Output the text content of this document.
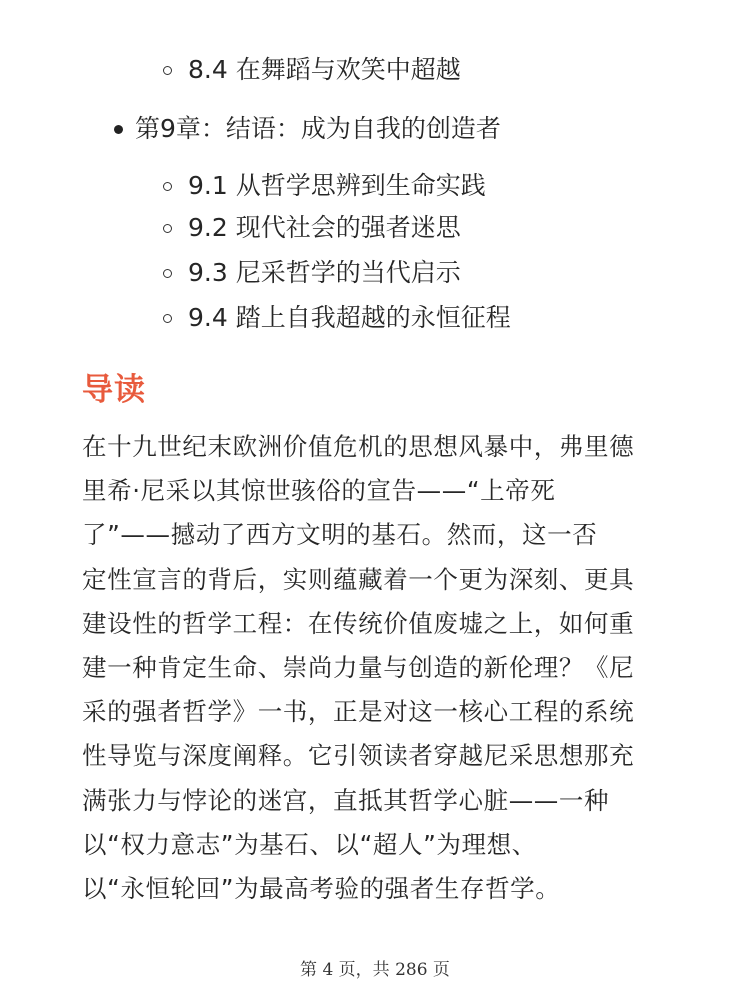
8.4 在舞蹈与欢笑中超越
第9章：结语：成为自我的创造者
9.1 从哲学思辨到生命实践
9.2 现代社会的强者迷思
9.3 尼采哲学的当代启示
9.4 踏上自我超越的永恒征程
导读
在十九世纪末欧洲价值危机的思想风暴中，弗里德
里希·尼采以其惊世骇俗的宣告——“上帝死
了”——撼动了西方文明的基石。然而，这一否
定性宣言的背后，实则蕴藏着一个更为深刻、更具
建设性的哲学工程：在传统价值废墟之上，如何重
建一种肯定生命、崇尚力量与创造的新伦理？《尼
采的强者哲学》一书，正是对这一核心工程的系统
性导览与深度阐释。它引领读者穿越尼采思想那充
满张力与悖论的迷宫，直抵其哲学心脏——一种
以“权力意志”为基石、以“超人”为理想、
以“永恒轮回”为最高考验的强者生存哲学。
第 4 页，共 286 页
